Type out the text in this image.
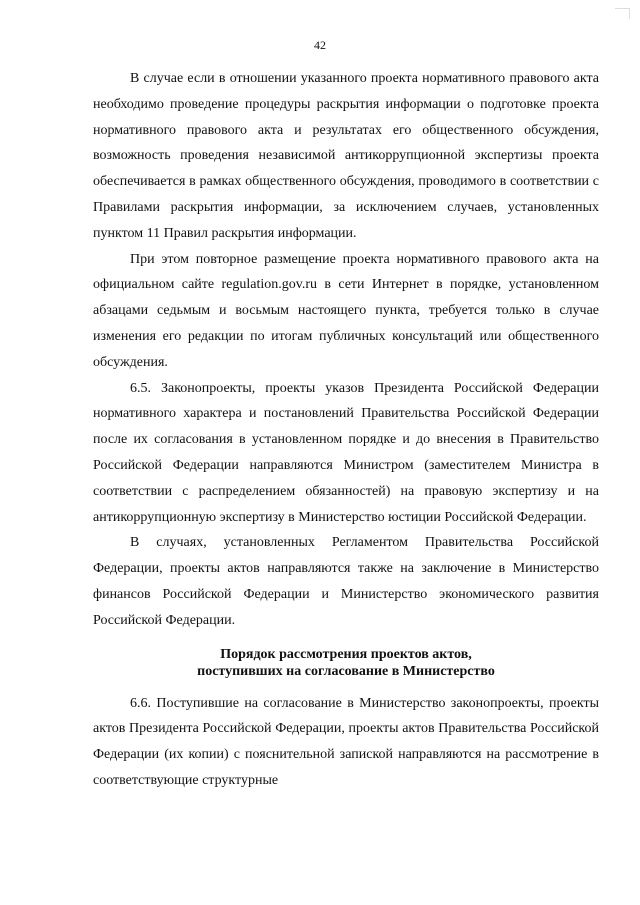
42

В случае если в отношении указанного проекта нормативного правового акта необходимо проведение процедуры раскрытия информации о подготовке проекта нормативного правового акта и результатах его общественного обсуждения, возможность проведения независимой антикоррупционной экспертизы проекта обеспечивается в рамках общественного обсуждения, проводимого в соответствии с Правилами раскрытия информации, за исключением случаев, установленных пунктом 11 Правил раскрытия информации.

При этом повторное размещение проекта нормативного правового акта на официальном сайте regulation.gov.ru в сети Интернет в порядке, установленном абзацами седьмым и восьмым настоящего пункта, требуется только в случае изменения его редакции по итогам публичных консультаций или общественного обсуждения.

6.5. Законопроекты, проекты указов Президента Российской Федерации нормативного характера и постановлений Правительства Российской Федерации после их согласования в установленном порядке и до внесения в Правительство Российской Федерации направляются Министром (заместителем Министра в соответствии с распределением обязанностей) на правовую экспертизу и на антикоррупционную экспертизу в Министерство юстиции Российской Федерации.

В случаях, установленных Регламентом Правительства Российской Федерации, проекты актов направляются также на заключение в Министерство финансов Российской Федерации и Министерство экономического развития Российской Федерации.

Порядок рассмотрения проектов актов,
поступивших на согласование в Министерство

6.6. Поступившие на согласование в Министерство законопроекты, проекты актов Президента Российской Федерации, проекты актов Правительства Российской Федерации (их копии) с пояснительной запиской направляются на рассмотрение в соответствующие структурные
